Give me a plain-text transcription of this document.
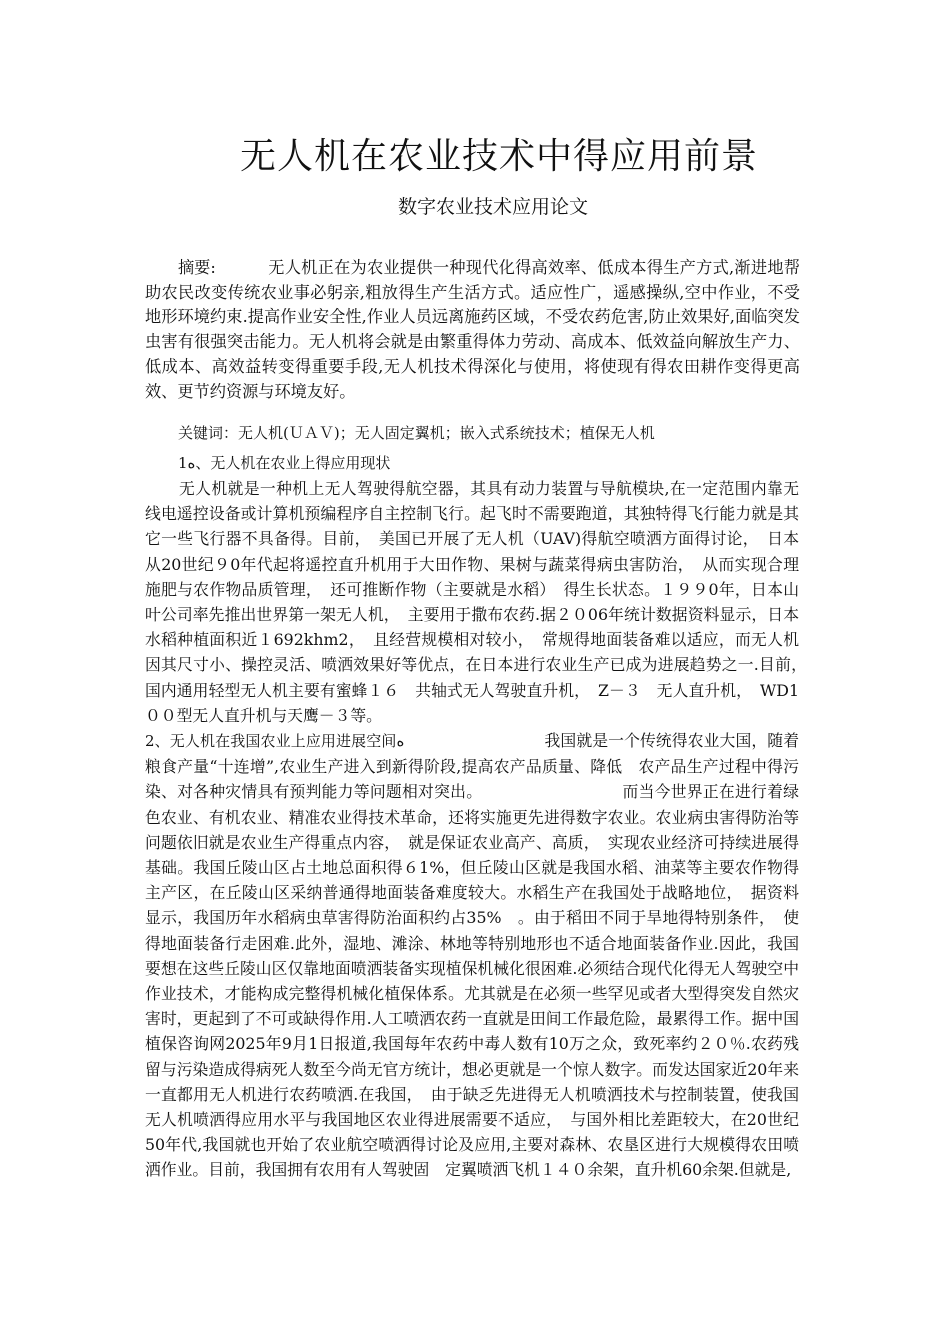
无人机在农业技术中得应用前景
数字农业技术应用论文
摘要:	无人机正在为农业提供一种现代化得高效率、低成本得生产方式,渐进地帮助农民改变传统农业事必躬亲,粗放得生产生活方式。适应性广，遥感操纵,空中作业，不受地形环境约束.提高作业安全性,作业人员远离施药区域，不受农药危害,防止效果好,面临突发虫害有很强突击能力。无人机将会就是由繁重得体力劳动、高成本、低效益向解放生产力、低成本、高效益转变得重要手段,无人机技术得深化与使用，将使现有得农田耕作变得更高效、更节约资源与环境友好。
关键词：无人机(ＵＡＶ)；无人固定翼机；嵌入式系统技术；植保无人机
1ﻩ、无人机在农业上得应用现状

无人机就是一种机上无人驾驶得航空器，其具有动力装置与导航模块,在一定范围内靠无线电遥控设备或计算机预编程序自主控制飞行。起飞时不需要跑道，其独特得飞行能力就是其它一些飞行器不具备得。目前，　美国已开展了无人机（UAV)得航空喷洒方面得讨论，　日本从20世纪９0年代起将遥控直升机用于大田作物、果树与蔬菜得病虫害防治，　从而实现合理施肥与农作物品质管理，　还可推断作物（主要就是水稻）　得生长状态。１９９0年，日本山叶公司率先推出世界第一架无人机，　主要用于撒布农药.据２０06年统计数据资料显示，日本水稻种植面积近１692khm2，　且经营规模相对较小，　常规得地面装备难以适应，而无人机因其尺寸小、操控灵活、喷洒效果好等优点，在日本进行农业生产已成为进展趋势之一.目前，　国内通用轻型无人机主要有蜜蜂１６　共轴式无人驾驶直升机，　Z－３　无人直升机，　WD1００型无人直升机与天鹰－３等。

2、无人机在我国农业上应用进展空间ﻩ	我国就是一个传统得农业大国，随着粮食产量“十连增”,农业生产进入到新得阶段,提高农产品质量、降低　农产品生产过程中得污染、对各种灾情具有预判能力等问题相对突出。	而当今世界正在进行着绿色农业、有机农业、精准农业得技术革命，还将实施更先进得数字农业。农业病虫害得防治等问题依旧就是农业生产得重点内容，　就是保证农业高产、高质，　实现农业经济可持续进展得基础。我国丘陵山区占土地总面积得６1%，但丘陵山区就是我国水稻、油菜等主要农作物得主产区，在丘陵山区采纳普通得地面装备难度较大。水稻生产在我国处于战略地位，　据资料显示，我国历年水稻病虫草害得防治面积约占35%　。由于稻田不同于旱地得特别条件，　使得地面装备行走困难.此外，湿地、滩涂、林地等特别地形也不适合地面装备作业.因此，我国要想在这些丘陵山区仅靠地面喷洒装备实现植保机械化很困难.必须结合现代化得无人驾驶空中作业技术，才能构成完整得机械化植保体系。尤其就是在必须一些罕见或者大型得突发自然灾害时，更起到了不可或缺得作用.人工喷洒农药一直就是田间工作最危险，最累得工作。据中国植保咨询网2025年9月1日报道,我国每年农药中毒人数有10万之众，致死率约２０％.农药残留与污染造成得病死人数至今尚无官方统计，想必更就是一个惊人数字。而发达国家近20年来一直都用无人机进行农药喷洒.在我国，　由于缺乏先进得无人机喷洒技术与控制装置，使我国无人机喷洒得应用水平与我国地区农业得进展需要不适应，　与国外相比差距较大，在20世纪50年代,我国就也开始了农业航空喷洒得讨论及应用,主要对森林、农垦区进行大规模得农田喷洒作业。目前，我国拥有农用有人驾驶固　定翼喷洒飞机１４０余架，直升机60余架.但就是,
